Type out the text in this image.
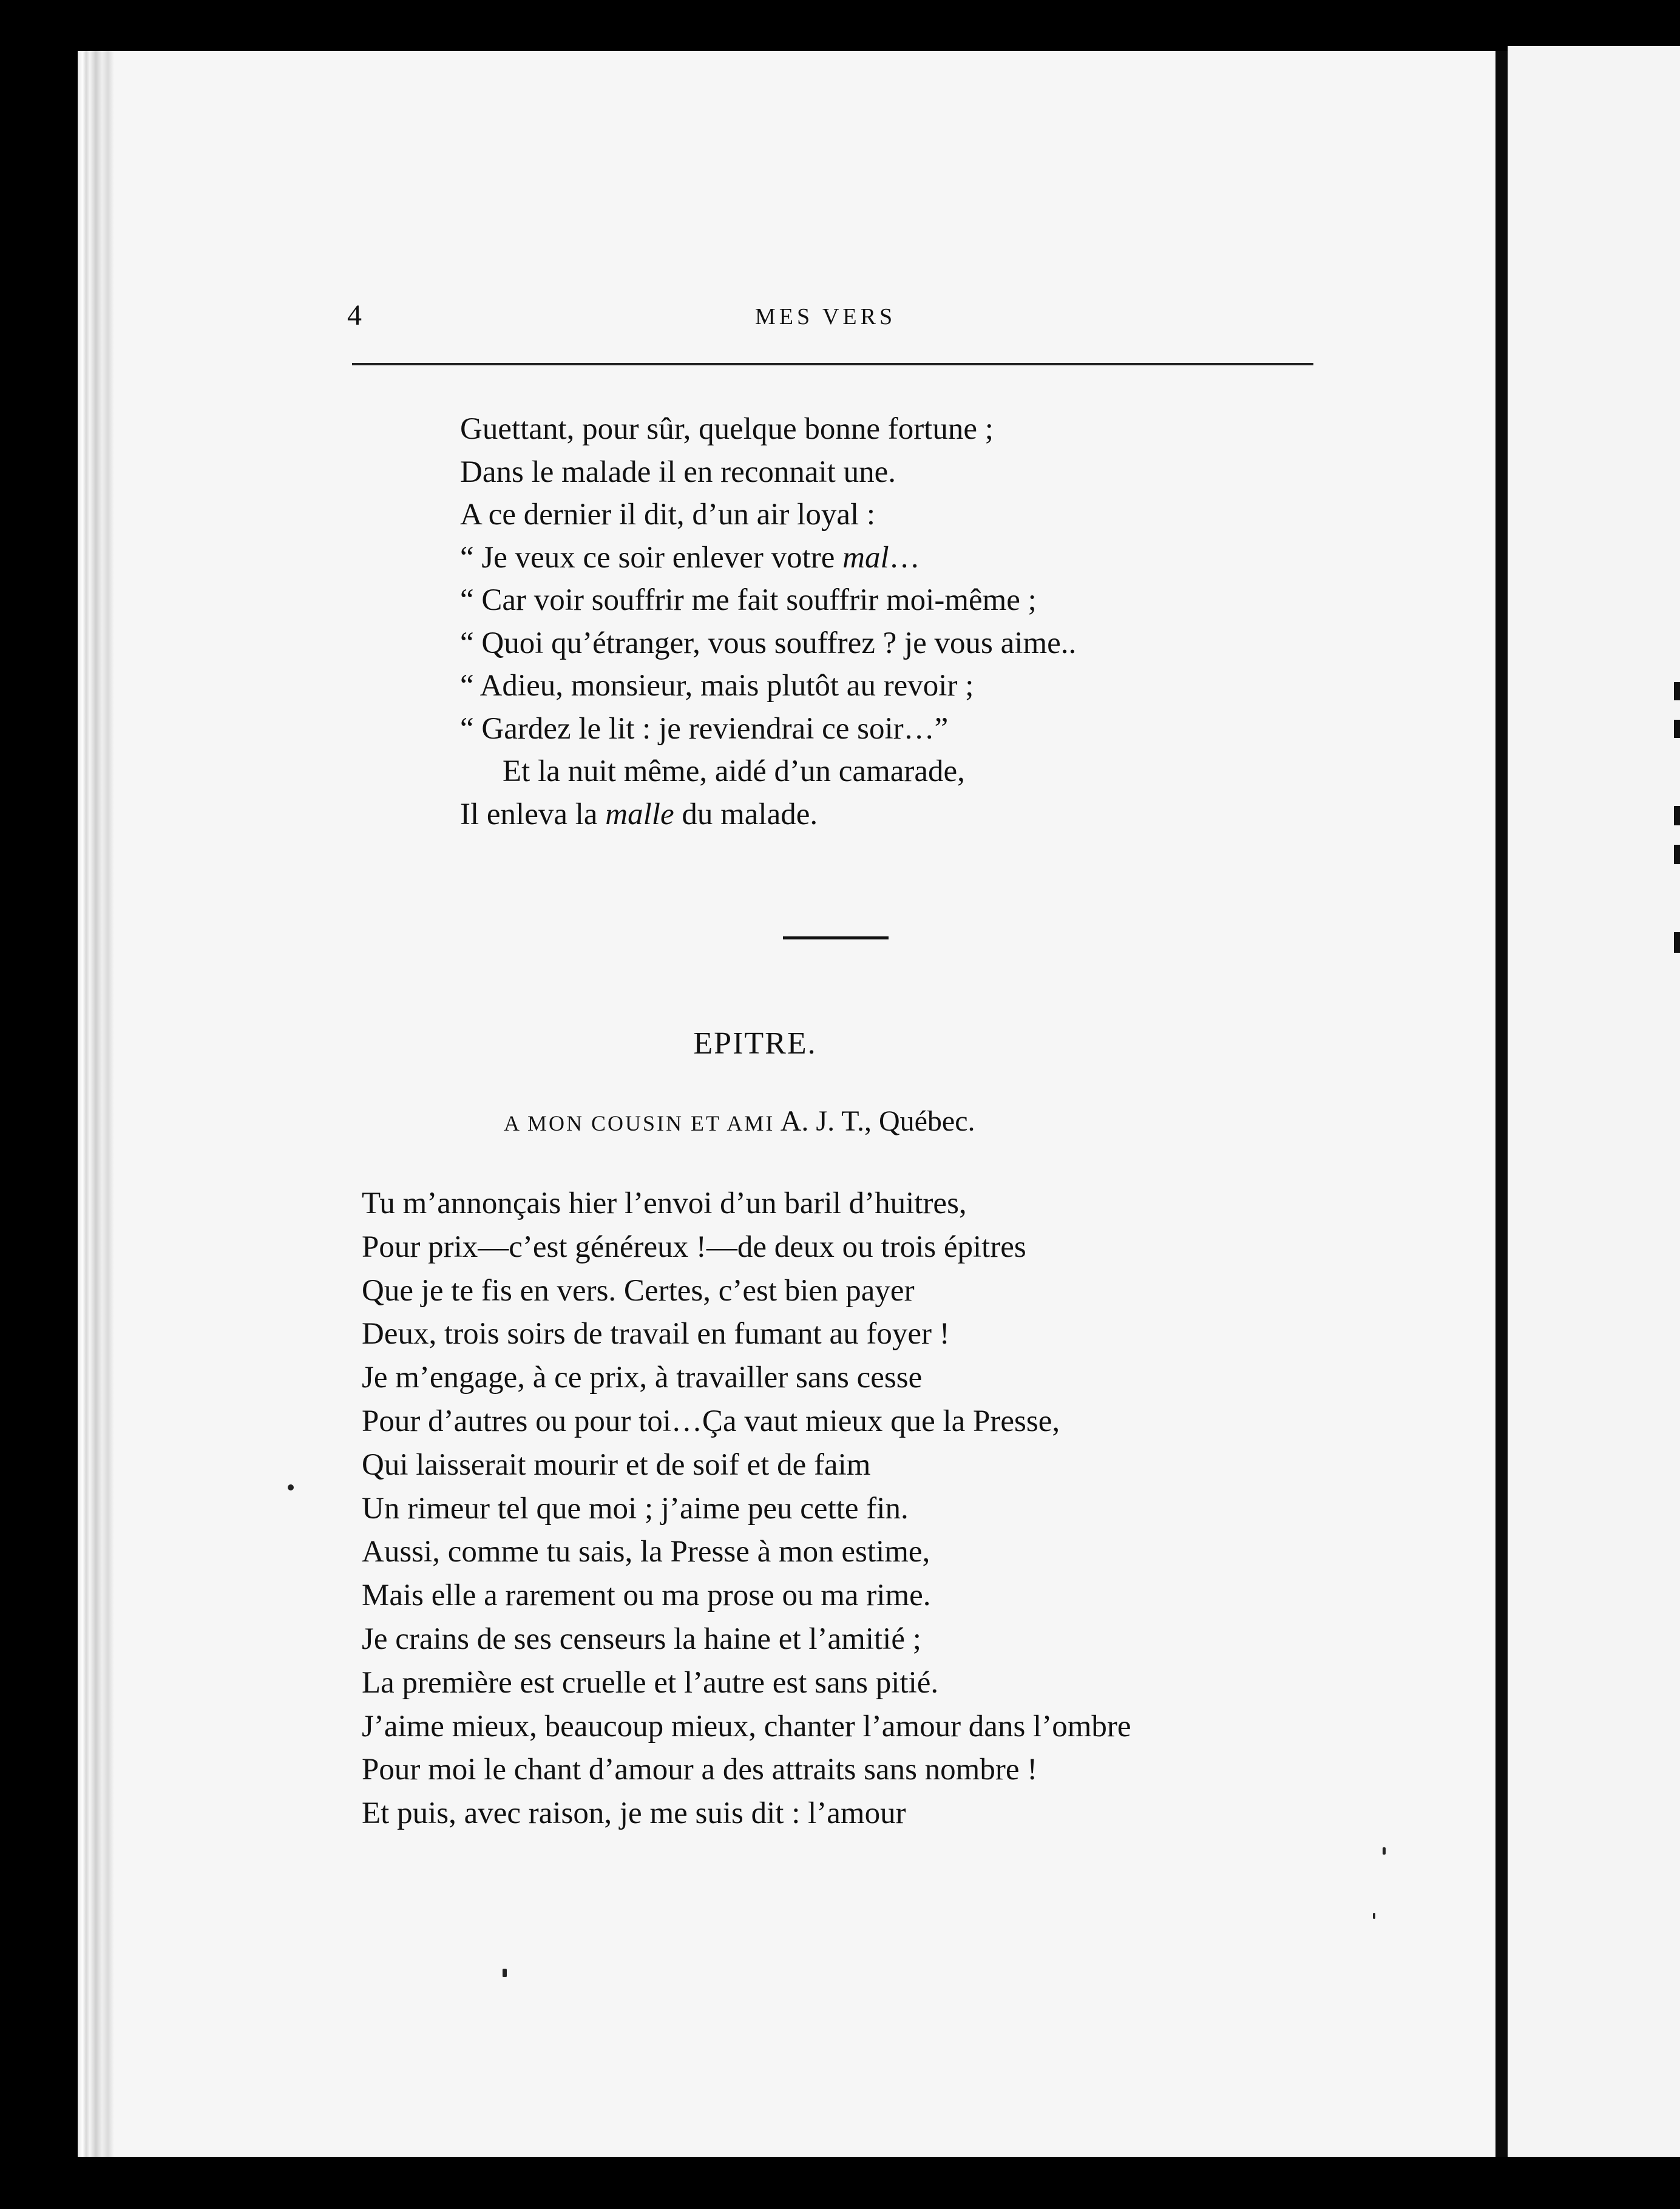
4	MES VERS
Guettant, pour sûr, quelque bonne fortune ;
Dans le malade il en reconnait une.
A ce dernier il dit, d’un air loyal :
“ Je veux ce soir enlever votre mal…
“ Car voir souffrir me fait souffrir moi-même ;
“ Quoi qu’étranger, vous souffrez ? je vous aime..
“ Adieu, monsieur, mais plutôt au revoir ;
“ Gardez le lit : je reviendrai ce soir…”
Et la nuit même, aidé d’un camarade,
Il enleva la malle du malade.
EPITRE.
A MON COUSIN ET AMI A. J. T., Québec.
Tu m’annonçais hier l’envoi d’un baril d’huitres,
Pour prix—c’est généreux !—de deux ou trois épitres
Que je te fis en vers. Certes, c’est bien payer
Deux, trois soirs de travail en fumant au foyer !
Je m’engage, à ce prix, à travailler sans cesse
Pour d’autres ou pour toi…Ça vaut mieux que la Presse,
Qui laisserait mourir et de soif et de faim
Un rimeur tel que moi ; j’aime peu cette fin.
Aussi, comme tu sais, la Presse à mon estime,
Mais elle a rarement ou ma prose ou ma rime.
Je crains de ses censeurs la haine et l’amitié ;
La première est cruelle et l’autre est sans pitié.
J’aime mieux, beaucoup mieux, chanter l’amour dans l’ombre
Pour moi le chant d’amour a des attraits sans nombre !
Et puis, avec raison, je me suis dit : l’amour
